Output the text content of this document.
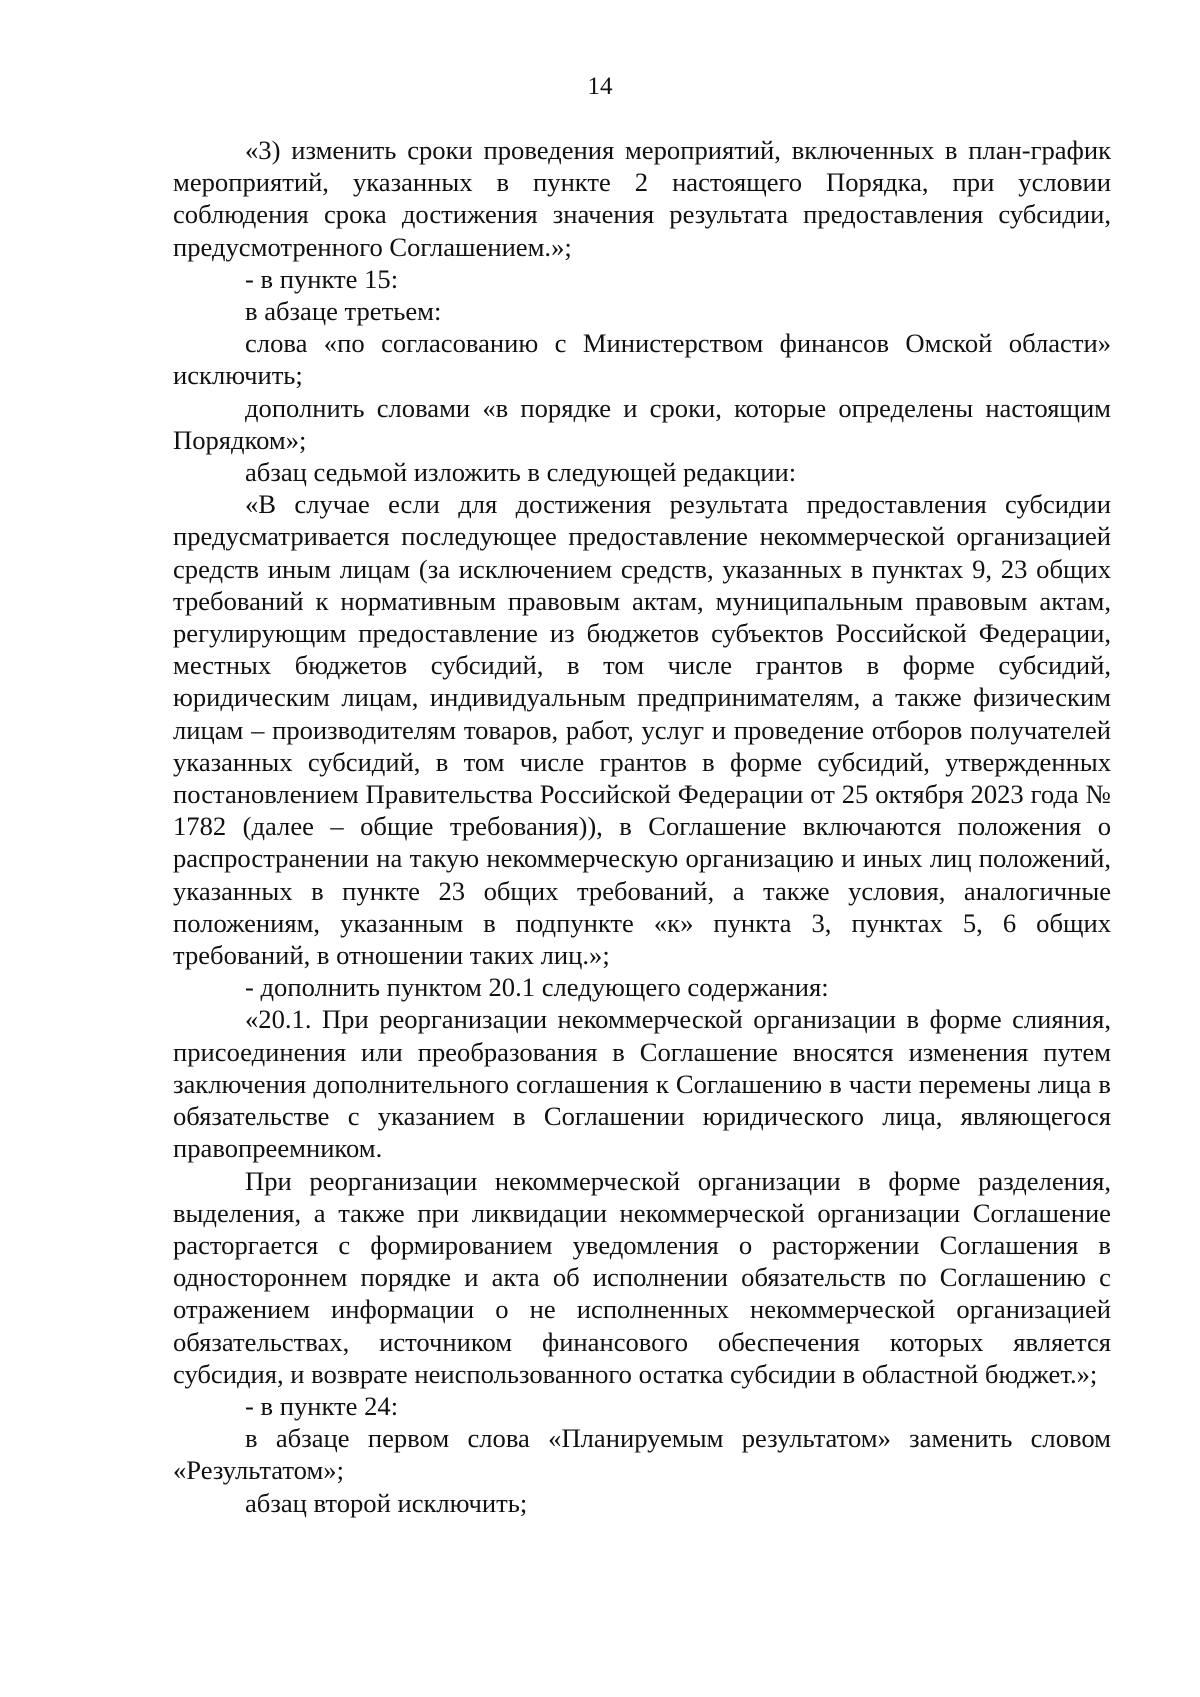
14

«3) изменить сроки проведения мероприятий, включенных в план-график мероприятий, указанных в пункте 2 настоящего Порядка, при условии соблюдения срока достижения значения результата предоставления субсидии, предусмотренного Соглашением.»;

- в пункте 15:

в абзаце третьем:

слова «по согласованию с Министерством финансов Омской области» исключить;

дополнить словами «в порядке и сроки, которые определены настоящим Порядком»;

абзац седьмой изложить в следующей редакции:

«В случае если для достижения результата предоставления субсидии предусматривается последующее предоставление некоммерческой организацией средств иным лицам (за исключением средств, указанных в пунктах 9, 23 общих требований к нормативным правовым актам, муниципальным правовым актам, регулирующим предоставление из бюджетов субъектов Российской Федерации, местных бюджетов субсидий, в том числе грантов в форме субсидий, юридическим лицам, индивидуальным предпринимателям, а также физическим лицам – производителям товаров, работ, услуг и проведение отборов получателей указанных субсидий, в том числе грантов в форме субсидий, утвержденных постановлением Правительства Российской Федерации от 25 октября 2023 года № 1782 (далее – общие требования)), в Соглашение включаются положения о распространении на такую некоммерческую организацию и иных лиц положений, указанных в пункте 23 общих требований, а также условия, аналогичные положениям, указанным в подпункте «к» пункта 3, пунктах 5, 6 общих требований, в отношении таких лиц.»;

- дополнить пунктом 20.1 следующего содержания:

«20.1. При реорганизации некоммерческой организации в форме слияния, присоединения или преобразования в Соглашение вносятся изменения путем заключения дополнительного соглашения к Соглашению в части перемены лица в обязательстве с указанием в Соглашении юридического лица, являющегося правопреемником.

При реорганизации некоммерческой организации в форме разделения, выделения, а также при ликвидации некоммерческой организации Соглашение расторгается с формированием уведомления о расторжении Соглашения в одностороннем порядке и акта об исполнении обязательств по Соглашению с отражением информации о не исполненных некоммерческой организацией обязательствах, источником финансового обеспечения которых является субсидия, и возврате неиспользованного остатка субсидии в областной бюджет.»;

- в пункте 24:

в абзаце первом слова «Планируемым результатом» заменить словом «Результатом»;

абзац второй исключить;
